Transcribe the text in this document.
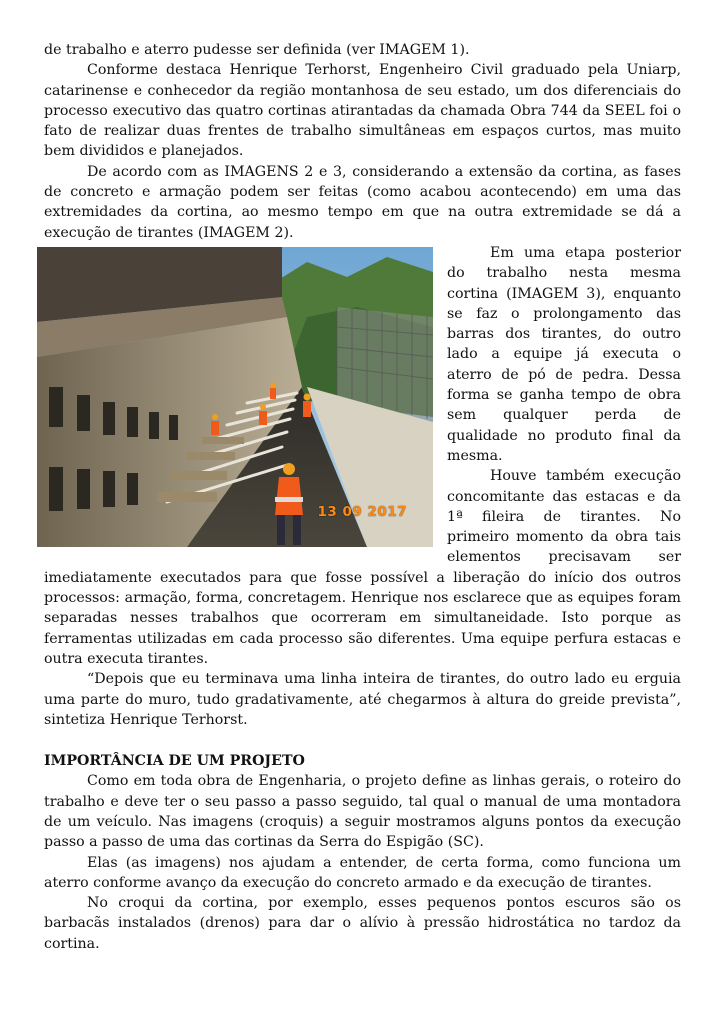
de trabalho e aterro pudesse ser definida (ver IMAGEM 1).

Conforme destaca Henrique Terhorst, Engenheiro Civil graduado pela Uniarp, catarinense e conhecedor da região montanhosa de seu estado, um dos diferenciais do processo executivo das quatro cortinas atirantadas da chamada Obra 744 da SEEL foi o fato de realizar duas frentes de trabalho simultâneas em espaços curtos, mas muito bem divididos e planejados.

De acordo com as IMAGENS 2 e 3, considerando a extensão da cortina, as fases de concreto e armação podem ser feitas (como acabou acontecendo) em uma das extremidades da cortina, ao mesmo tempo em que na outra extremidade se dá a execução de tirantes (IMAGEM 2).

13 09 2017

Em uma etapa posterior do trabalho nesta mesma cortina (IMAGEM 3), enquanto se faz o prolongamento das barras dos tirantes, do outro lado a equipe já executa o aterro de pó de pedra. Dessa forma se ganha tempo de obra sem qualquer perda de qualidade no produto final da mesma.

Houve também execução concomitante das estacas e da 1ª fileira de tirantes. No primeiro momento da obra tais elementos precisavam ser imediatamente executados para que fosse possível a liberação do início dos outros processos: armação, forma, concretagem. Henrique nos esclarece que as equipes foram separadas nesses trabalhos que ocorreram em simultaneidade. Isto porque as ferramentas utilizadas em cada processo são diferentes. Uma equipe perfura estacas e outra executa tirantes.

“Depois que eu terminava uma linha inteira de tirantes, do outro lado eu erguia uma parte do muro, tudo gradativamente, até chegarmos à altura do greide prevista”, sintetiza Henrique Terhorst.

IMPORTÂNCIA DE UM PROJETO

Como em toda obra de Engenharia, o projeto define as linhas gerais, o roteiro do trabalho e deve ter o seu passo a passo seguido, tal qual o manual de uma montadora de um veículo. Nas imagens (croquis) a seguir mostramos alguns pontos da execução passo a passo de uma das cortinas da Serra do Espigão (SC).

Elas (as imagens) nos ajudam a entender, de certa forma, como funciona um aterro conforme avanço da execução do concreto armado e da execução de tirantes.

No croqui da cortina, por exemplo, esses pequenos pontos escuros são os barbacãs instalados (drenos) para dar o alívio à pressão hidrostática no tardoz da cortina.
